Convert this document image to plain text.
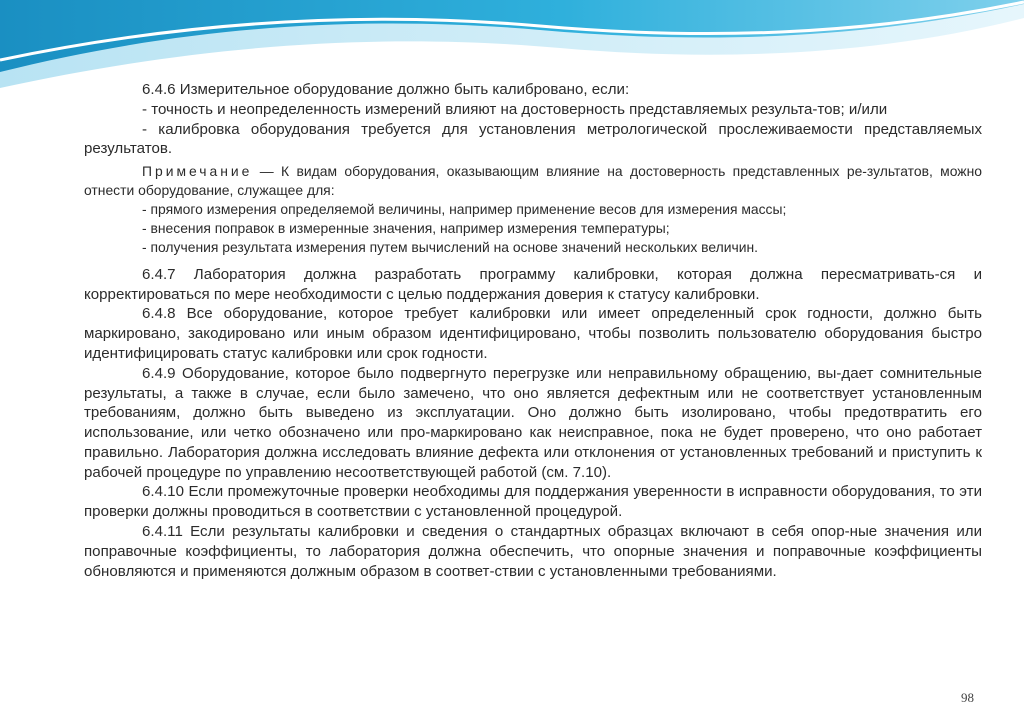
6.4.6 Измерительное оборудование должно быть калибровано, если:

- точность и неопределенность измерений влияют на достоверность представляемых результа-тов; и/или

- калибровка оборудования требуется для установления метрологической прослеживаемости представляемых результатов.

Примечание — К видам оборудования, оказывающим влияние на достоверность представленных ре-зультатов, можно отнести оборудование, служащее для:

- прямого измерения определяемой величины, например применение весов для измерения массы;

- внесения поправок в измеренные значения, например измерения температуры;

- получения результата измерения путем вычислений на основе значений нескольких величин.

6.4.7 Лаборатория должна разработать программу калибровки, которая должна пересматривать-ся и корректироваться по мере необходимости с целью поддержания доверия к статусу калибровки.

6.4.8 Все оборудование, которое требует калибровки или имеет определенный срок годности, должно быть маркировано, закодировано или иным образом идентифицировано, чтобы позволить пользователю оборудования быстро идентифицировать статус калибровки или срок годности.

6.4.9 Оборудование, которое было подвергнуто перегрузке или неправильному обращению, вы-дает сомнительные результаты, а также в случае, если было замечено, что оно является дефектным или не соответствует установленным требованиям, должно быть выведено из эксплуатации. Оно должно быть изолировано, чтобы предотвратить его использование, или четко обозначено или про-маркировано как неисправное, пока не будет проверено, что оно работает правильно. Лаборатория должна исследовать влияние дефекта или отклонения от установленных требований и приступить к рабочей процедуре по управлению несоответствующей работой (см. 7.10).

6.4.10 Если промежуточные проверки необходимы для поддержания уверенности в исправности оборудования, то эти проверки должны проводиться в соответствии с установленной процедурой.

6.4.11 Если результаты калибровки и сведения о стандартных образцах включают в себя опор-ные значения или поправочные коэффициенты, то лаборатория должна обеспечить, что опорные значения и поправочные коэффициенты обновляются и применяются должным образом в соответ-ствии с установленными требованиями.

98
